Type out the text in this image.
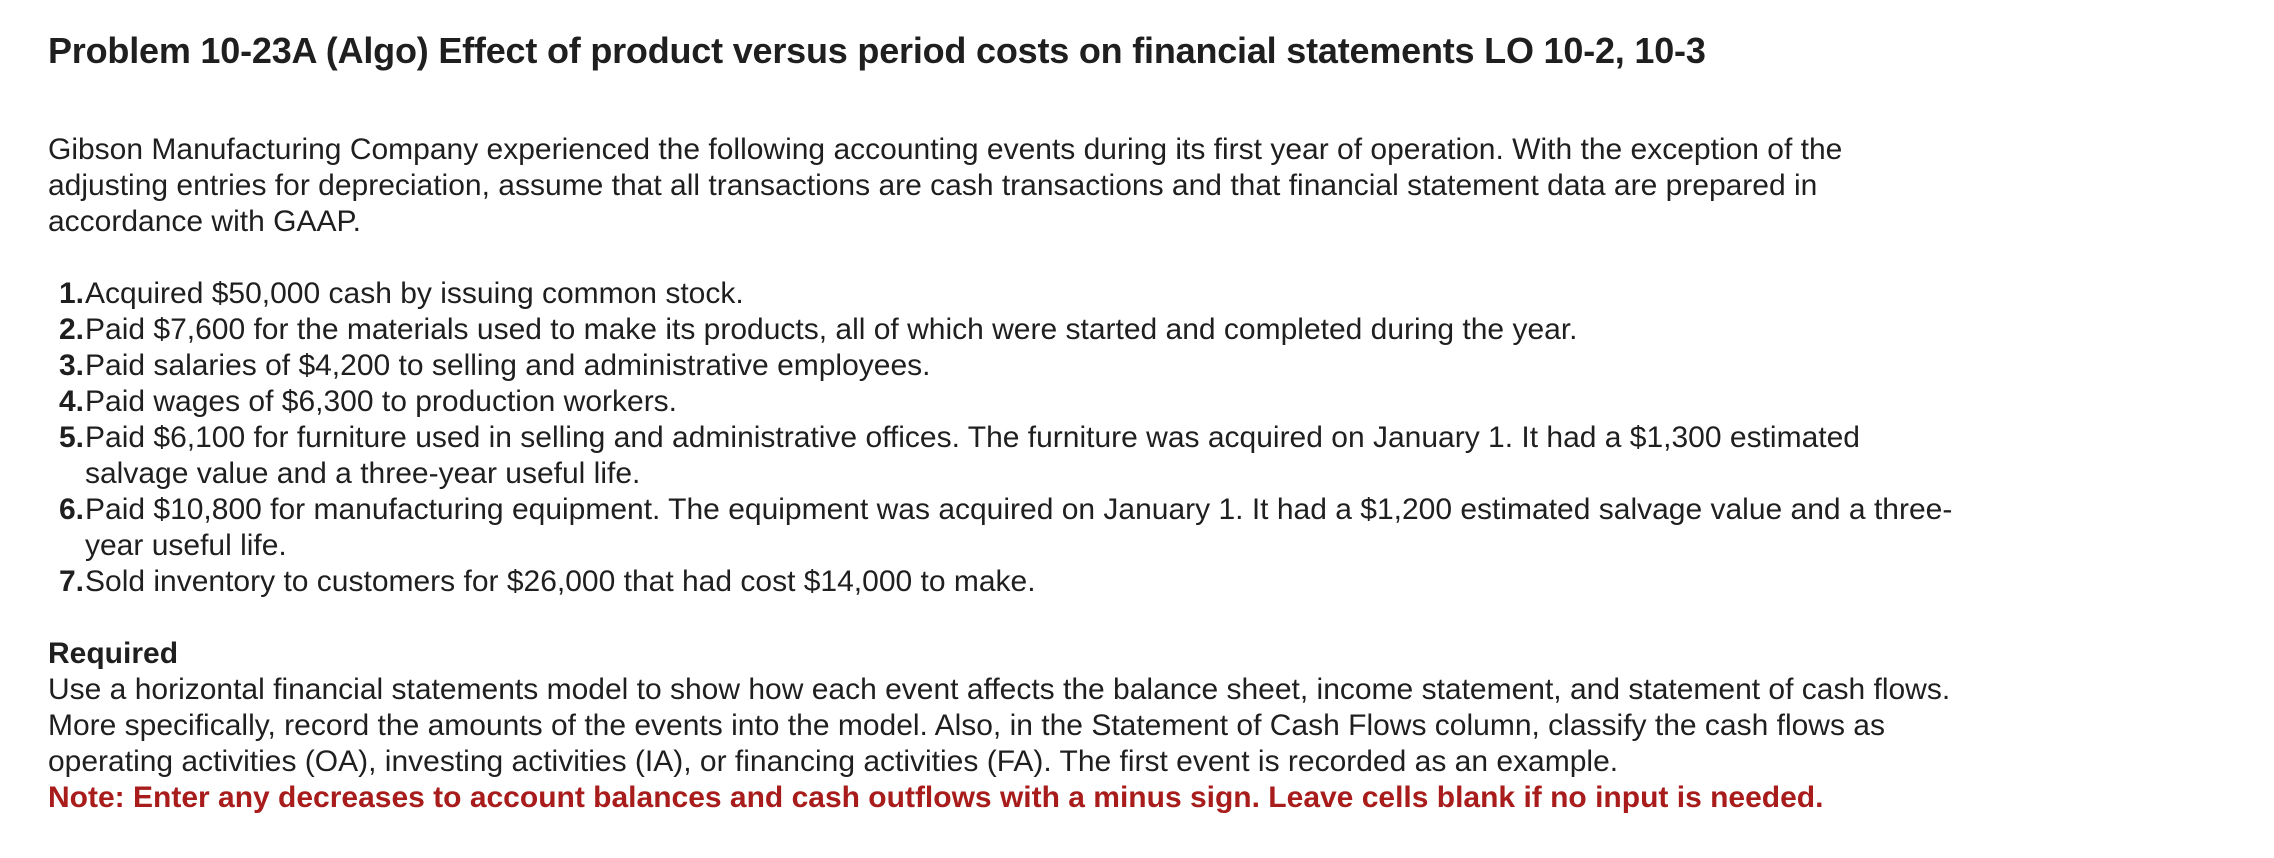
Problem 10-23A (Algo) Effect of product versus period costs on financial statements LO 10-2, 10-3

Gibson Manufacturing Company experienced the following accounting events during its first year of operation. With the exception of the adjusting entries for depreciation, assume that all transactions are cash transactions and that financial statement data are prepared in accordance with GAAP.

1. Acquired $50,000 cash by issuing common stock.
2. Paid $7,600 for the materials used to make its products, all of which were started and completed during the year.
3. Paid salaries of $4,200 to selling and administrative employees.
4. Paid wages of $6,300 to production workers.
5. Paid $6,100 for furniture used in selling and administrative offices. The furniture was acquired on January 1. It had a $1,300 estimated salvage value and a three-year useful life.
6. Paid $10,800 for manufacturing equipment. The equipment was acquired on January 1. It had a $1,200 estimated salvage value and a three-year useful life.
7. Sold inventory to customers for $26,000 that had cost $14,000 to make.

Required

Use a horizontal financial statements model to show how each event affects the balance sheet, income statement, and statement of cash flows. More specifically, record the amounts of the events into the model. Also, in the Statement of Cash Flows column, classify the cash flows as operating activities (OA), investing activities (IA), or financing activities (FA). The first event is recorded as an example.

Note: Enter any decreases to account balances and cash outflows with a minus sign. Leave cells blank if no input is needed.
